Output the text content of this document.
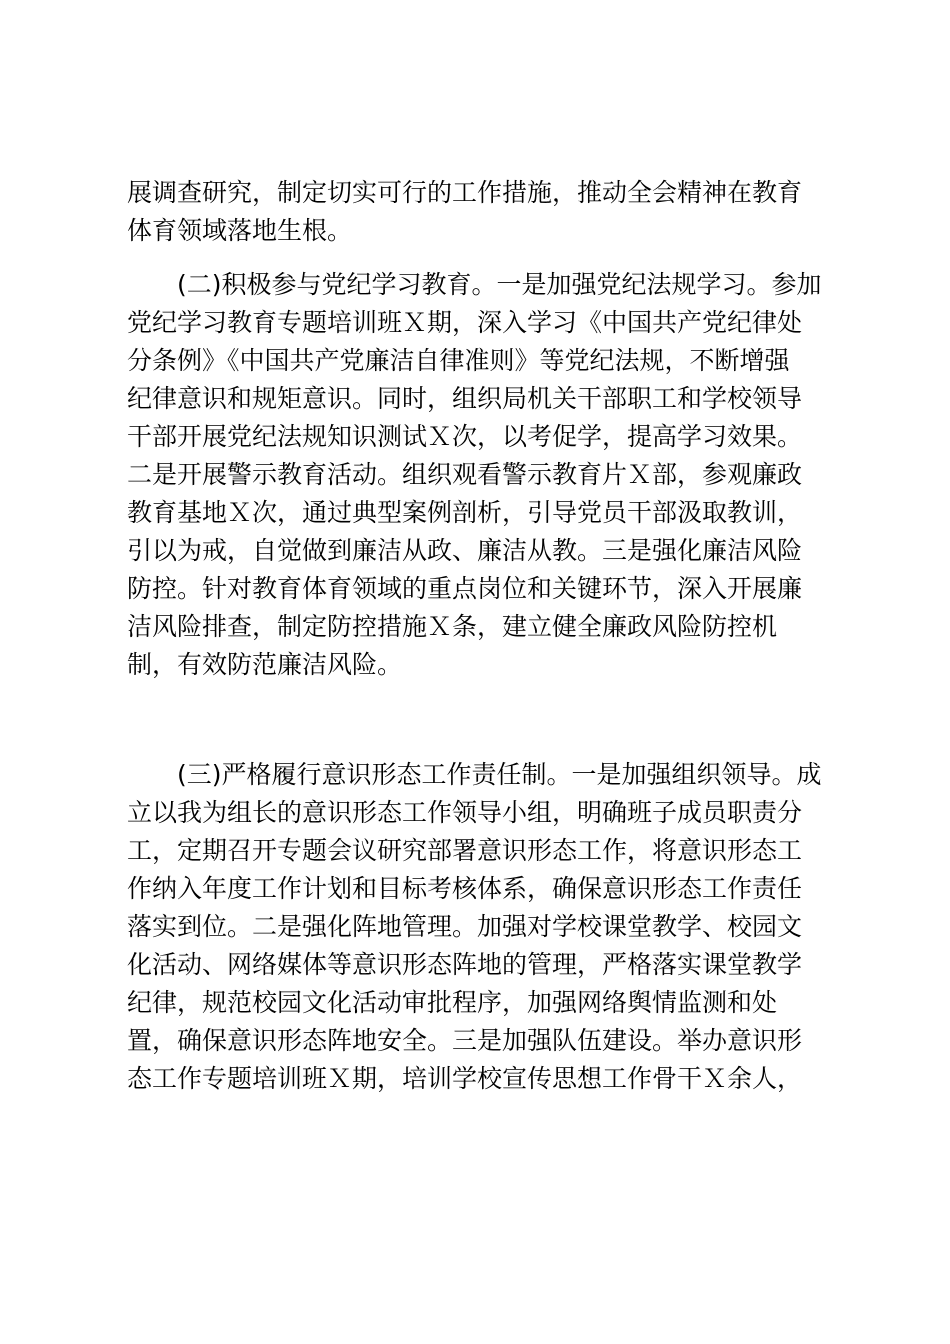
展调查研究，制定切实可行的工作措施，推动全会精神在教育
体育领域落地生根。
　　(二)积极参与党纪学习教育。一是加强党纪法规学习。参加
党纪学习教育专题培训班Ｘ期，深入学习《中国共产党纪律处
分条例》《中国共产党廉洁自律准则》等党纪法规，不断增强
纪律意识和规矩意识。同时，组织局机关干部职工和学校领导
干部开展党纪法规知识测试Ｘ次，以考促学，提高学习效果。
二是开展警示教育活动。组织观看警示教育片Ｘ部，参观廉政
教育基地Ｘ次，通过典型案例剖析，引导党员干部汲取教训，
引以为戒，自觉做到廉洁从政、廉洁从教。三是强化廉洁风险
防控。针对教育体育领域的重点岗位和关键环节，深入开展廉
洁风险排查，制定防控措施Ｘ条，建立健全廉政风险防控机
制，有效防范廉洁风险。
　　(三)严格履行意识形态工作责任制。一是加强组织领导。成
立以我为组长的意识形态工作领导小组，明确班子成员职责分
工，定期召开专题会议研究部署意识形态工作，将意识形态工
作纳入年度工作计划和目标考核体系，确保意识形态工作责任
落实到位。二是强化阵地管理。加强对学校课堂教学、校园文
化活动、网络媒体等意识形态阵地的管理，严格落实课堂教学
纪律，规范校园文化活动审批程序，加强网络舆情监测和处
置，确保意识形态阵地安全。三是加强队伍建设。举办意识形
态工作专题培训班Ｘ期，培训学校宣传思想工作骨干Ｘ余人，
